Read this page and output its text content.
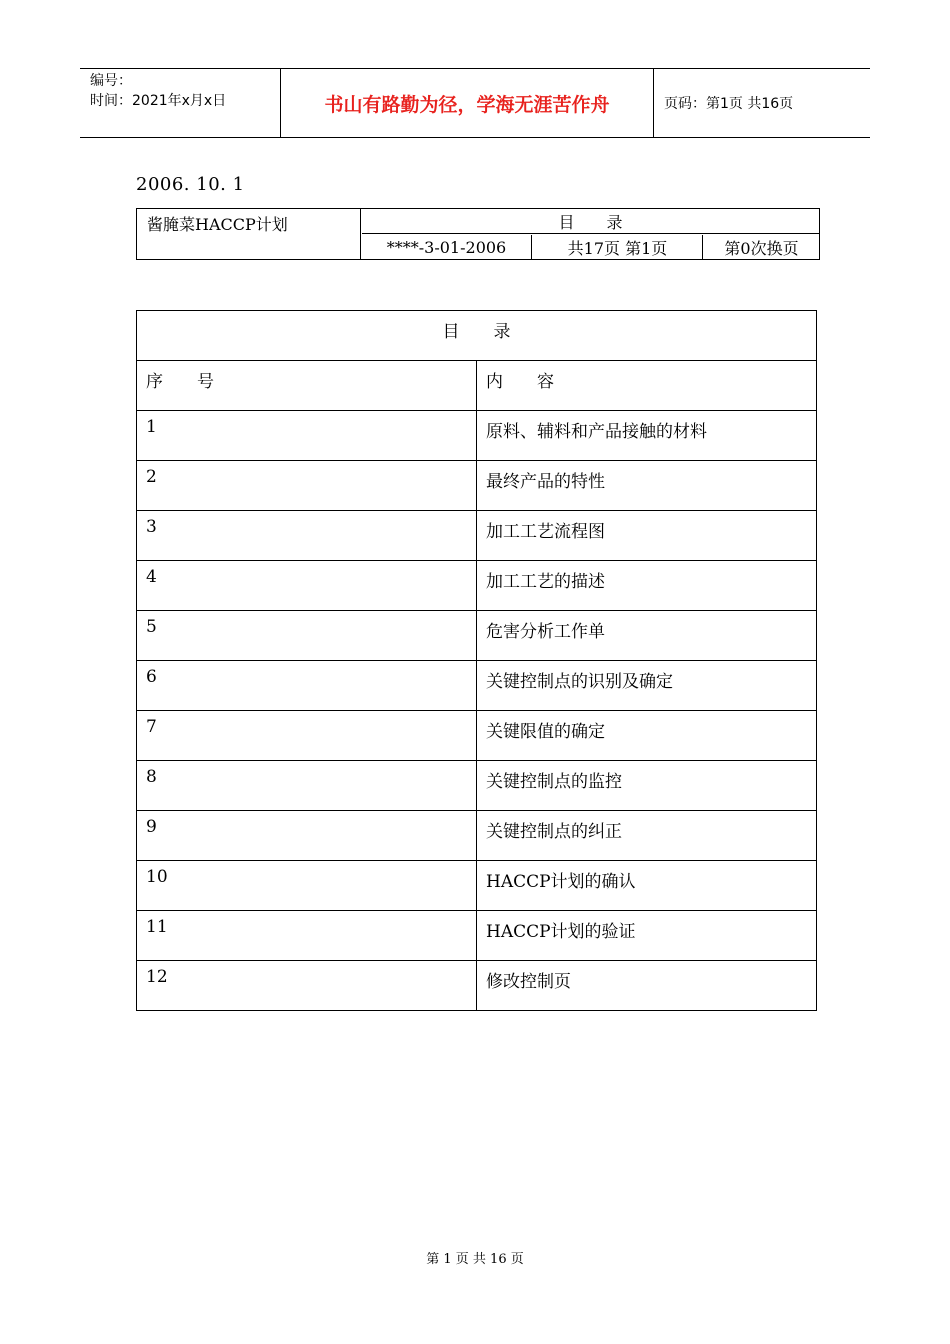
编号：
时间：2021年x月x日	书山有路勤为径，学海无涯苦作舟	页码：第1页 共16页
2006. 10. 1
酱腌菜HACCP计划	目　　录
****-3-01-2006	共17页 第1页	第0次换页
目　　录	
序　　号	内　　容
1	原料、辅料和产品接触的材料
2	最终产品的特性
3	加工工艺流程图
4	加工工艺的描述
5	危害分析工作单
6	关键控制点的识别及确定
7	关键限值的确定
8	关键控制点的监控
9	关键控制点的纠正
10	HACCP计划的确认
11	HACCP计划的验证
12	修改控制页
第 1 页 共 16 页
